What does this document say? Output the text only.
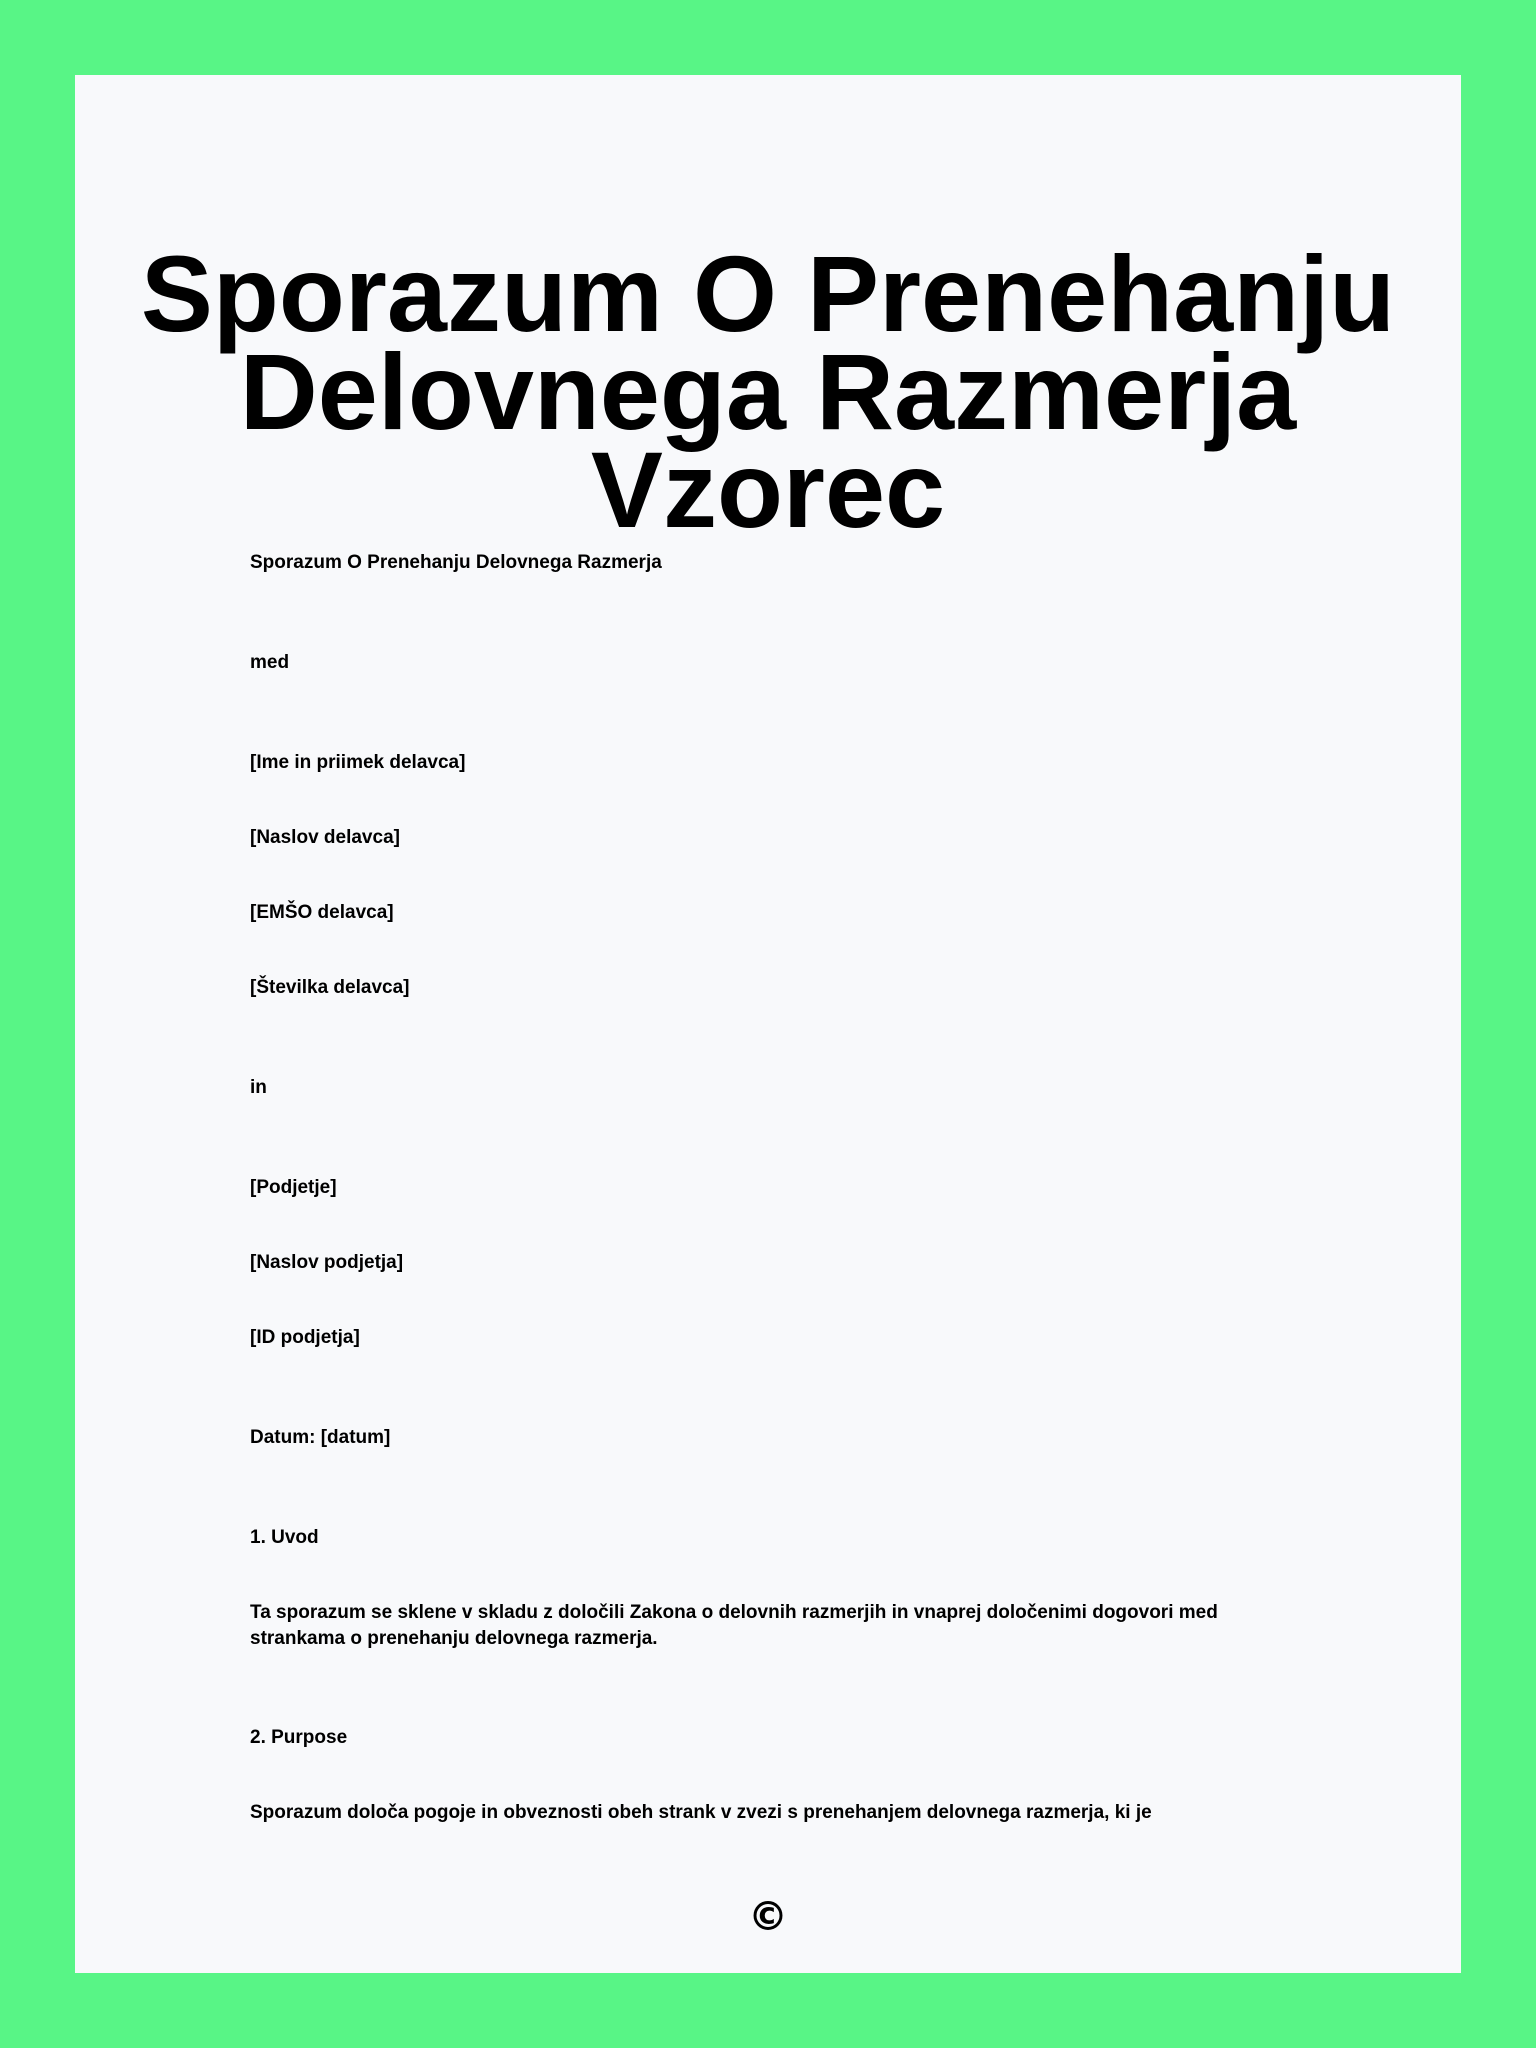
Sporazum O Prenehanju Delovnega Razmerja Vzorec

Sporazum O Prenehanju Delovnega Razmerja

med

[Ime in priimek delavca]

[Naslov delavca]

[EMŠO delavca]

[Številka delavca]

in

[Podjetje]

[Naslov podjetja]

[ID podjetja]

Datum: [datum]

1. Uvod

Ta sporazum se sklene v skladu z določili Zakona o delovnih razmerjih in vnaprej določenimi dogovori med strankama o prenehanju delovnega razmerja.

2. Purpose

Sporazum določa pogoje in obveznosti obeh strank v zvezi s prenehanjem delovnega razmerja, ki je

©
